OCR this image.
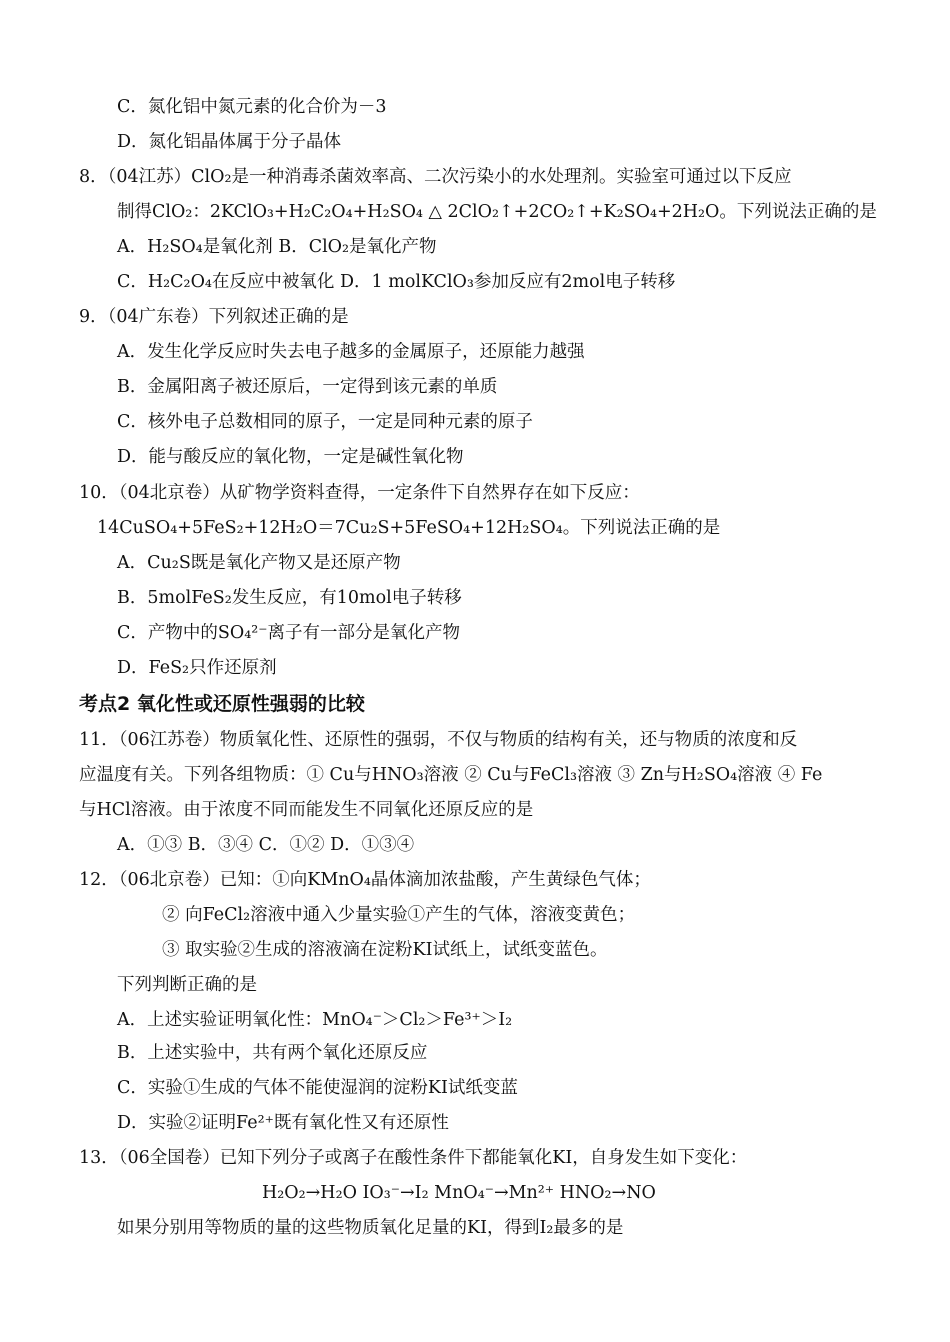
C．氮化铝中氮元素的化合价为－3
D．氮化铝晶体属于分子晶体
8．（04江苏）ClO₂是一种消毒杀菌效率高、二次污染小的水处理剂。实验室可通过以下反应
制得ClO₂：2KClO₃+H₂C₂O₄+H₂SO₄ △ 2ClO₂↑+2CO₂↑+K₂SO₄+2H₂O。下列说法正确的是
A．H₂SO₄是氧化剂 B．ClO₂是氧化产物
C．H₂C₂O₄在反应中被氧化 D．1 molKClO₃参加反应有2mol电子转移
9．（04广东卷）下列叙述正确的是
A．发生化学反应时失去电子越多的金属原子，还原能力越强
B．金属阳离子被还原后，一定得到该元素的单质
C．核外电子总数相同的原子，一定是同种元素的原子
D．能与酸反应的氧化物，一定是碱性氧化物
10．（04北京卷）从矿物学资料查得，一定条件下自然界存在如下反应：
14CuSO₄+5FeS₂+12H₂O＝7Cu₂S+5FeSO₄+12H₂SO₄。下列说法正确的是
A．Cu₂S既是氧化产物又是还原产物
B．5molFeS₂发生反应，有10mol电子转移
C．产物中的SO₄²⁻离子有一部分是氧化产物
D．FeS₂只作还原剂
考点2 氧化性或还原性强弱的比较
11．（06江苏卷）物质氧化性、还原性的强弱，不仅与物质的结构有关，还与物质的浓度和反
应温度有关。下列各组物质：① Cu与HNO₃溶液 ② Cu与FeCl₃溶液 ③ Zn与H₂SO₄溶液 ④ Fe
与HCl溶液。由于浓度不同而能发生不同氧化还原反应的是
A．①③ B．③④ C．①② D．①③④
12．（06北京卷）已知：①向KMnO₄晶体滴加浓盐酸，产生黄绿色气体；
② 向FeCl₂溶液中通入少量实验①产生的气体，溶液变黄色；
③ 取实验②生成的溶液滴在淀粉KI试纸上，试纸变蓝色。
下列判断正确的是
A．上述实验证明氧化性：MnO₄⁻＞Cl₂＞Fe³⁺＞I₂
B．上述实验中，共有两个氧化还原反应
C．实验①生成的气体不能使湿润的淀粉KI试纸变蓝
D．实验②证明Fe²⁺既有氧化性又有还原性
13．（06全国卷）已知下列分子或离子在酸性条件下都能氧化KI，自身发生如下变化：
H₂O₂→H₂O IO₃⁻→I₂ MnO₄⁻→Mn²⁺ HNO₂→NO
如果分别用等物质的量的这些物质氧化足量的KI，得到I₂最多的是
